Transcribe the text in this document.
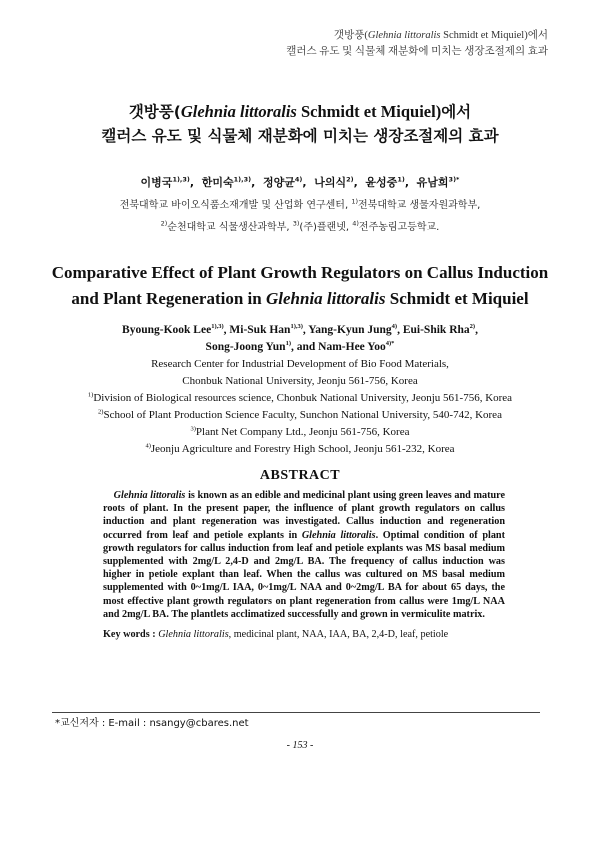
갯방풍(Glehnia littoralis Schmidt et Miquiel)에서
캘러스 유도 및 식물체 재분화에 미치는 생장조절제의 효과
갯방풍(Glehnia littoralis Schmidt et Miquiel)에서
캘러스 유도 및 식물체 재분화에 미치는 생장조절제의 효과
이병국$^{1),3)}$,  한미숙$^{1),3)}$,  정양균$^{4)}$,  나의식$^{2)}$,  윤성중$^{1)}$,  유남희$^{3)*}$
전북대학교 바이오식품소재개발 및 산업화 연구센터, $^{1)}$전북대학교 생물자원과학부,
$^{2)}$순천대학교 식물생산과학부, $^{3)}$(주)플랜넷, $^{4)}$전주농림고등학교.
Comparative Effect of Plant Growth Regulators on Callus Induction
and Plant Regeneration in Glehnia littoralis Schmidt et Miquiel
Byoung-Kook Lee$^{1),3)}$, Mi-Suk Han$^{1),3)}$, Yang-Kyun Jung$^{4)}$, Eui-Shik Rha$^{2)}$,
Song-Joong Yun$^{1)}$, and Nam-Hee Yoo$^{4)*}$
Research Center for Industrial Development of Bio Food Materials,
Chonbuk National University, Jeonju 561-756, Korea
$^{1)}$Division of Biological resources science, Chonbuk National University, Jeonju 561-756, Korea
$^{2)}$School of Plant Production Science Faculty, Sunchon National University, 540-742, Korea
$^{3)}$Plant Net Company Ltd., Jeonju 561-756, Korea
$^{4)}$Jeonju Agriculture and Forestry High School, Jeonju 561-232, Korea
ABSTRACT
Glehnia littoralis is known as an edible and medicinal plant using green leaves and mature roots of plant. In the present paper, the influence of plant growth regulators on callus induction and plant regeneration was investigated. Callus induction and regeneration occurred from leaf and petiole explants in Glehnia littoralis. Optimal condition of plant growth regulators for callus induction from leaf and petiole explants was MS basal medium supplemented with 2mg/L 2,4-D and 2mg/L BA. The frequency of callus induction was higher in petiole explant than leaf. When the callus was cultured on MS basal medium supplemented with 0~1mg/L IAA, 0~1mg/L NAA and 0~2mg/L BA for about 65 days, the most effective plant growth regulators on plant regeneration from callus were 1mg/L NAA and 2mg/L BA. The plantlets acclimatized successfully and grown in vermiculite matrix.
Key words : Glehnia littoralis, medicinal plant, NAA, IAA, BA, 2,4-D, leaf, petiole
*교신저자 : E-mail : nsangy@cbares.net
- 153 -
